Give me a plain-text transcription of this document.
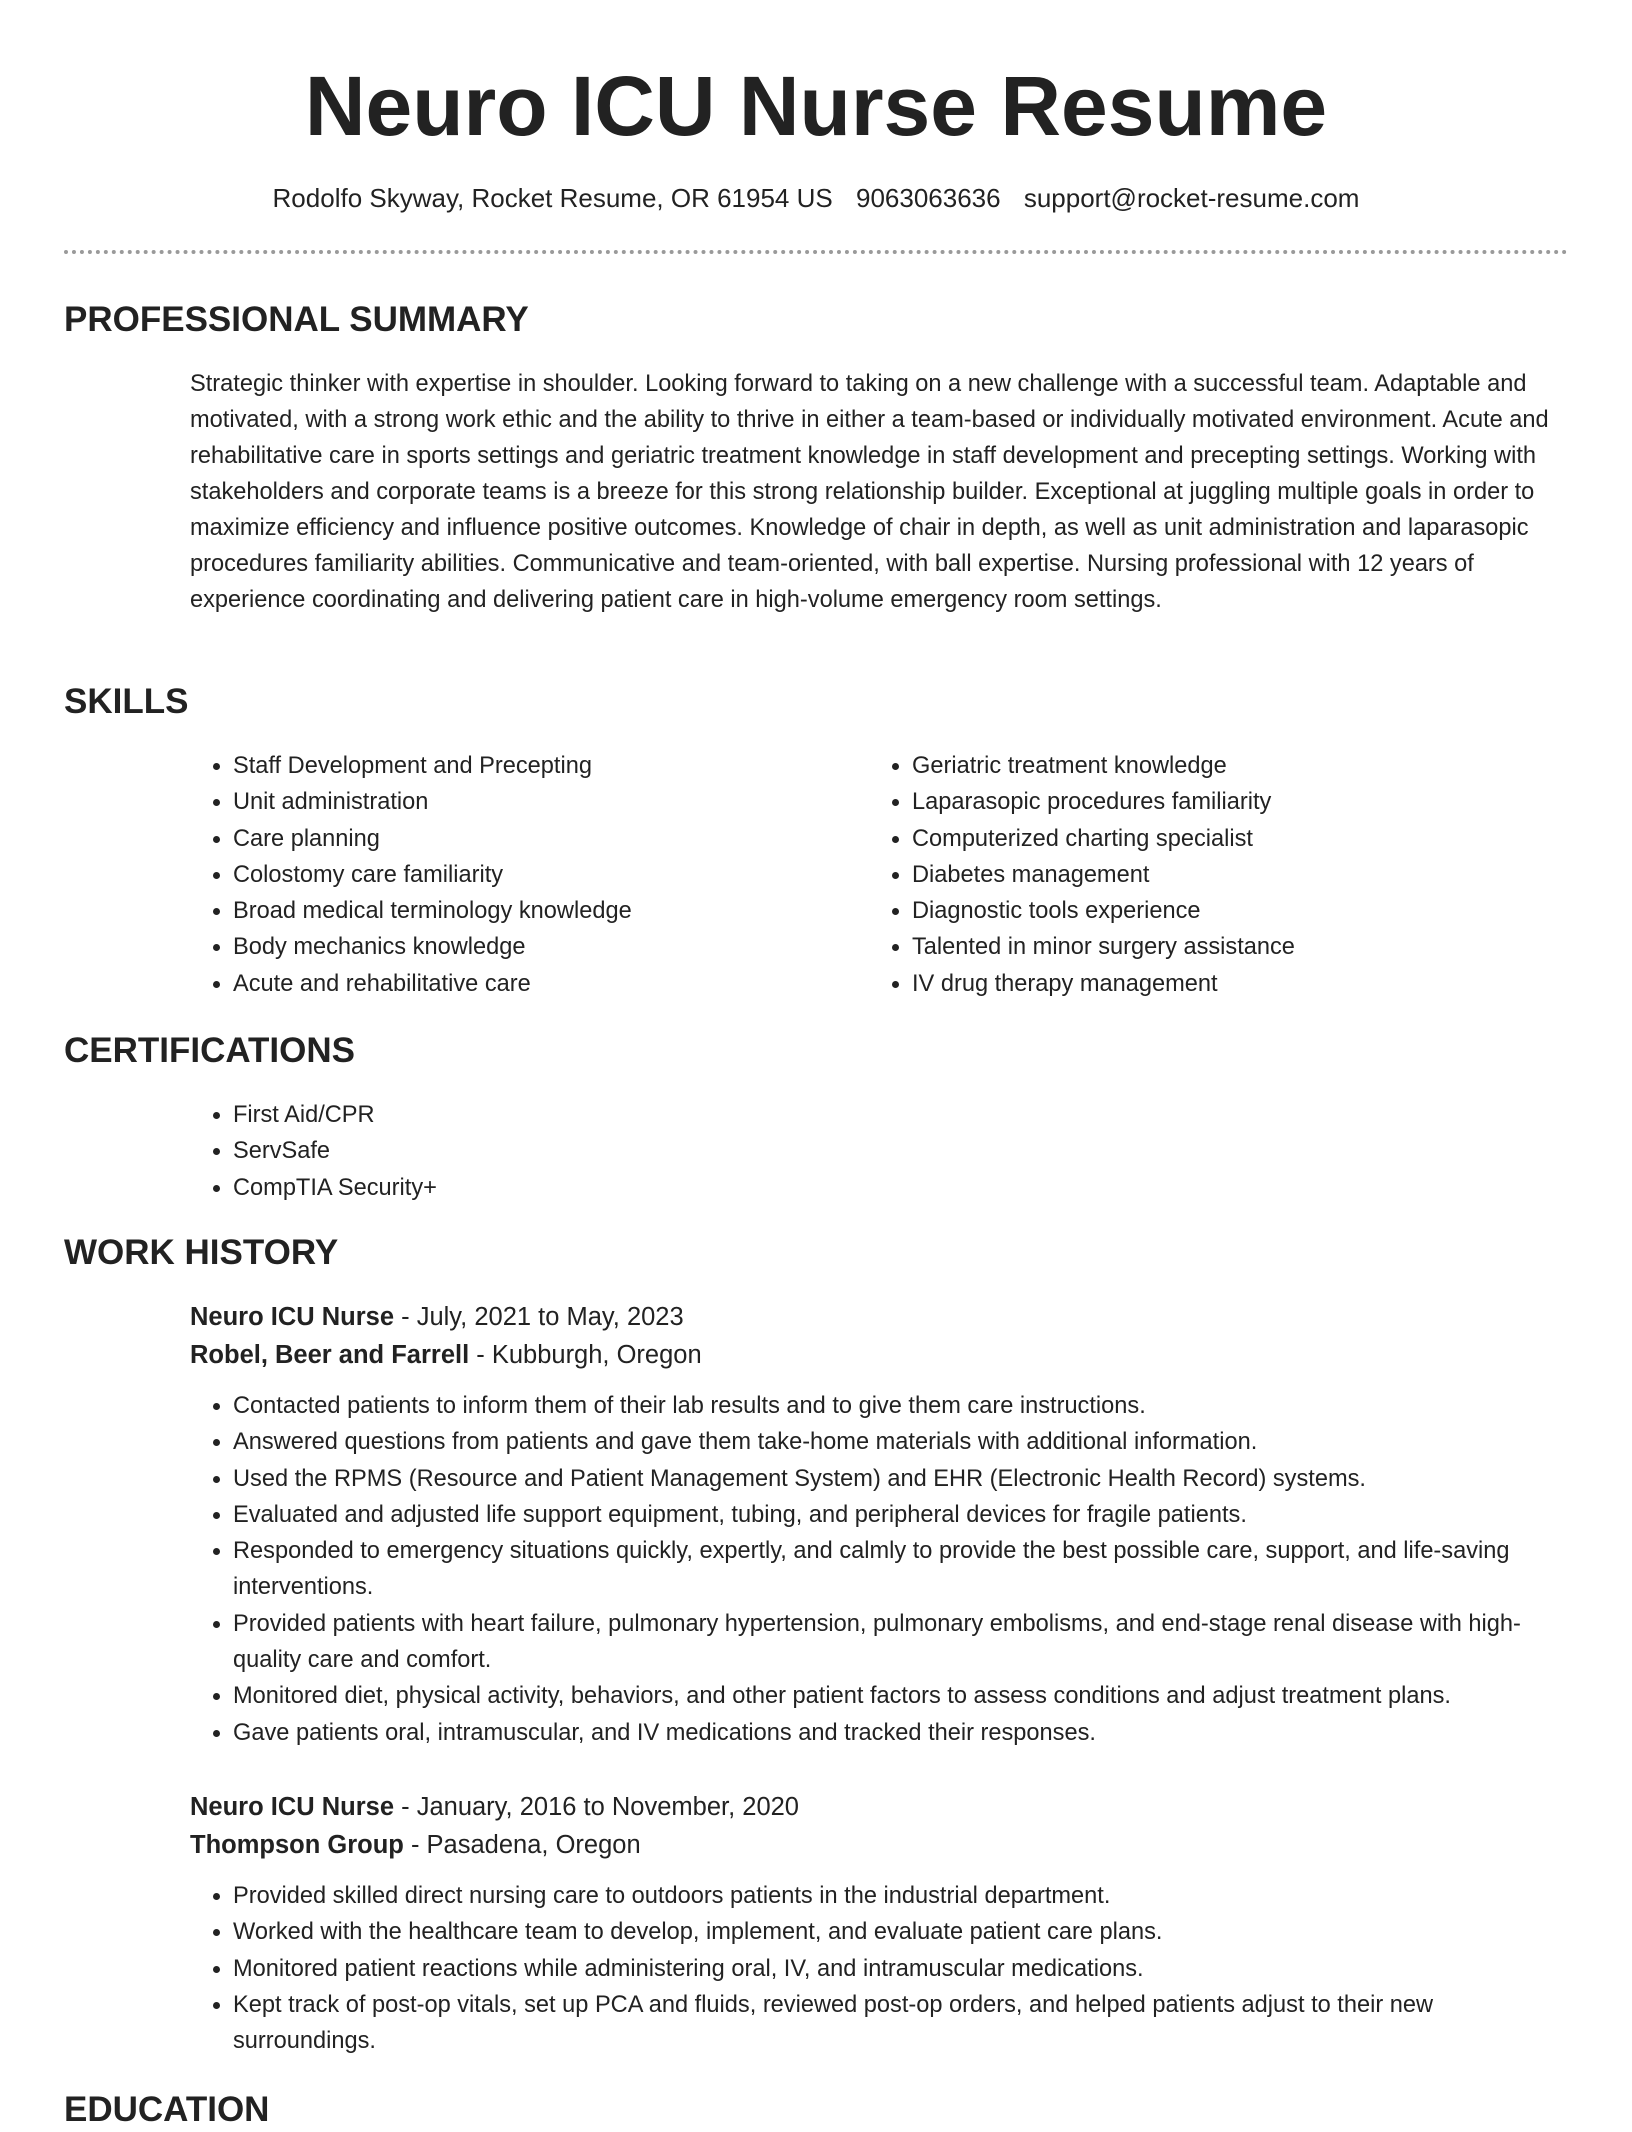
Neuro ICU Nurse Resume
Rodolfo Skyway, Rocket Resume, OR 61954 US 9063063636 support@rocket-resume.com
PROFESSIONAL SUMMARY
Strategic thinker with expertise in shoulder. Looking forward to taking on a new challenge with a successful team. Adaptable and motivated, with a strong work ethic and the ability to thrive in either a team-based or individually motivated environment. Acute and rehabilitative care in sports settings and geriatric treatment knowledge in staff development and precepting settings. Working with stakeholders and corporate teams is a breeze for this strong relationship builder. Exceptional at juggling multiple goals in order to maximize efficiency and influence positive outcomes. Knowledge of chair in depth, as well as unit administration and laparasopic procedures familiarity abilities. Communicative and team-oriented, with ball expertise. Nursing professional with 12 years of experience coordinating and delivering patient care in high-volume emergency room settings.
SKILLS
• Staff Development and Precepting
• Unit administration
• Care planning
• Colostomy care familiarity
• Broad medical terminology knowledge
• Body mechanics knowledge
• Acute and rehabilitative care
• Geriatric treatment knowledge
• Laparasopic procedures familiarity
• Computerized charting specialist
• Diabetes management
• Diagnostic tools experience
• Talented in minor surgery assistance
• IV drug therapy management
CERTIFICATIONS
• First Aid/CPR
• ServSafe
• CompTIA Security+
WORK HISTORY
Neuro ICU Nurse - July, 2021 to May, 2023
Robel, Beer and Farrell - Kubburgh, Oregon
• Contacted patients to inform them of their lab results and to give them care instructions.
• Answered questions from patients and gave them take-home materials with additional information.
• Used the RPMS (Resource and Patient Management System) and EHR (Electronic Health Record) systems.
• Evaluated and adjusted life support equipment, tubing, and peripheral devices for fragile patients.
• Responded to emergency situations quickly, expertly, and calmly to provide the best possible care, support, and life-saving interventions.
• Provided patients with heart failure, pulmonary hypertension, pulmonary embolisms, and end-stage renal disease with high-quality care and comfort.
• Monitored diet, physical activity, behaviors, and other patient factors to assess conditions and adjust treatment plans.
• Gave patients oral, intramuscular, and IV medications and tracked their responses.
Neuro ICU Nurse - January, 2016 to November, 2020
Thompson Group - Pasadena, Oregon
• Provided skilled direct nursing care to outdoors patients in the industrial department.
• Worked with the healthcare team to develop, implement, and evaluate patient care plans.
• Monitored patient reactions while administering oral, IV, and intramuscular medications.
• Kept track of post-op vitals, set up PCA and fluids, reviewed post-op orders, and helped patients adjust to their new surroundings.
EDUCATION
